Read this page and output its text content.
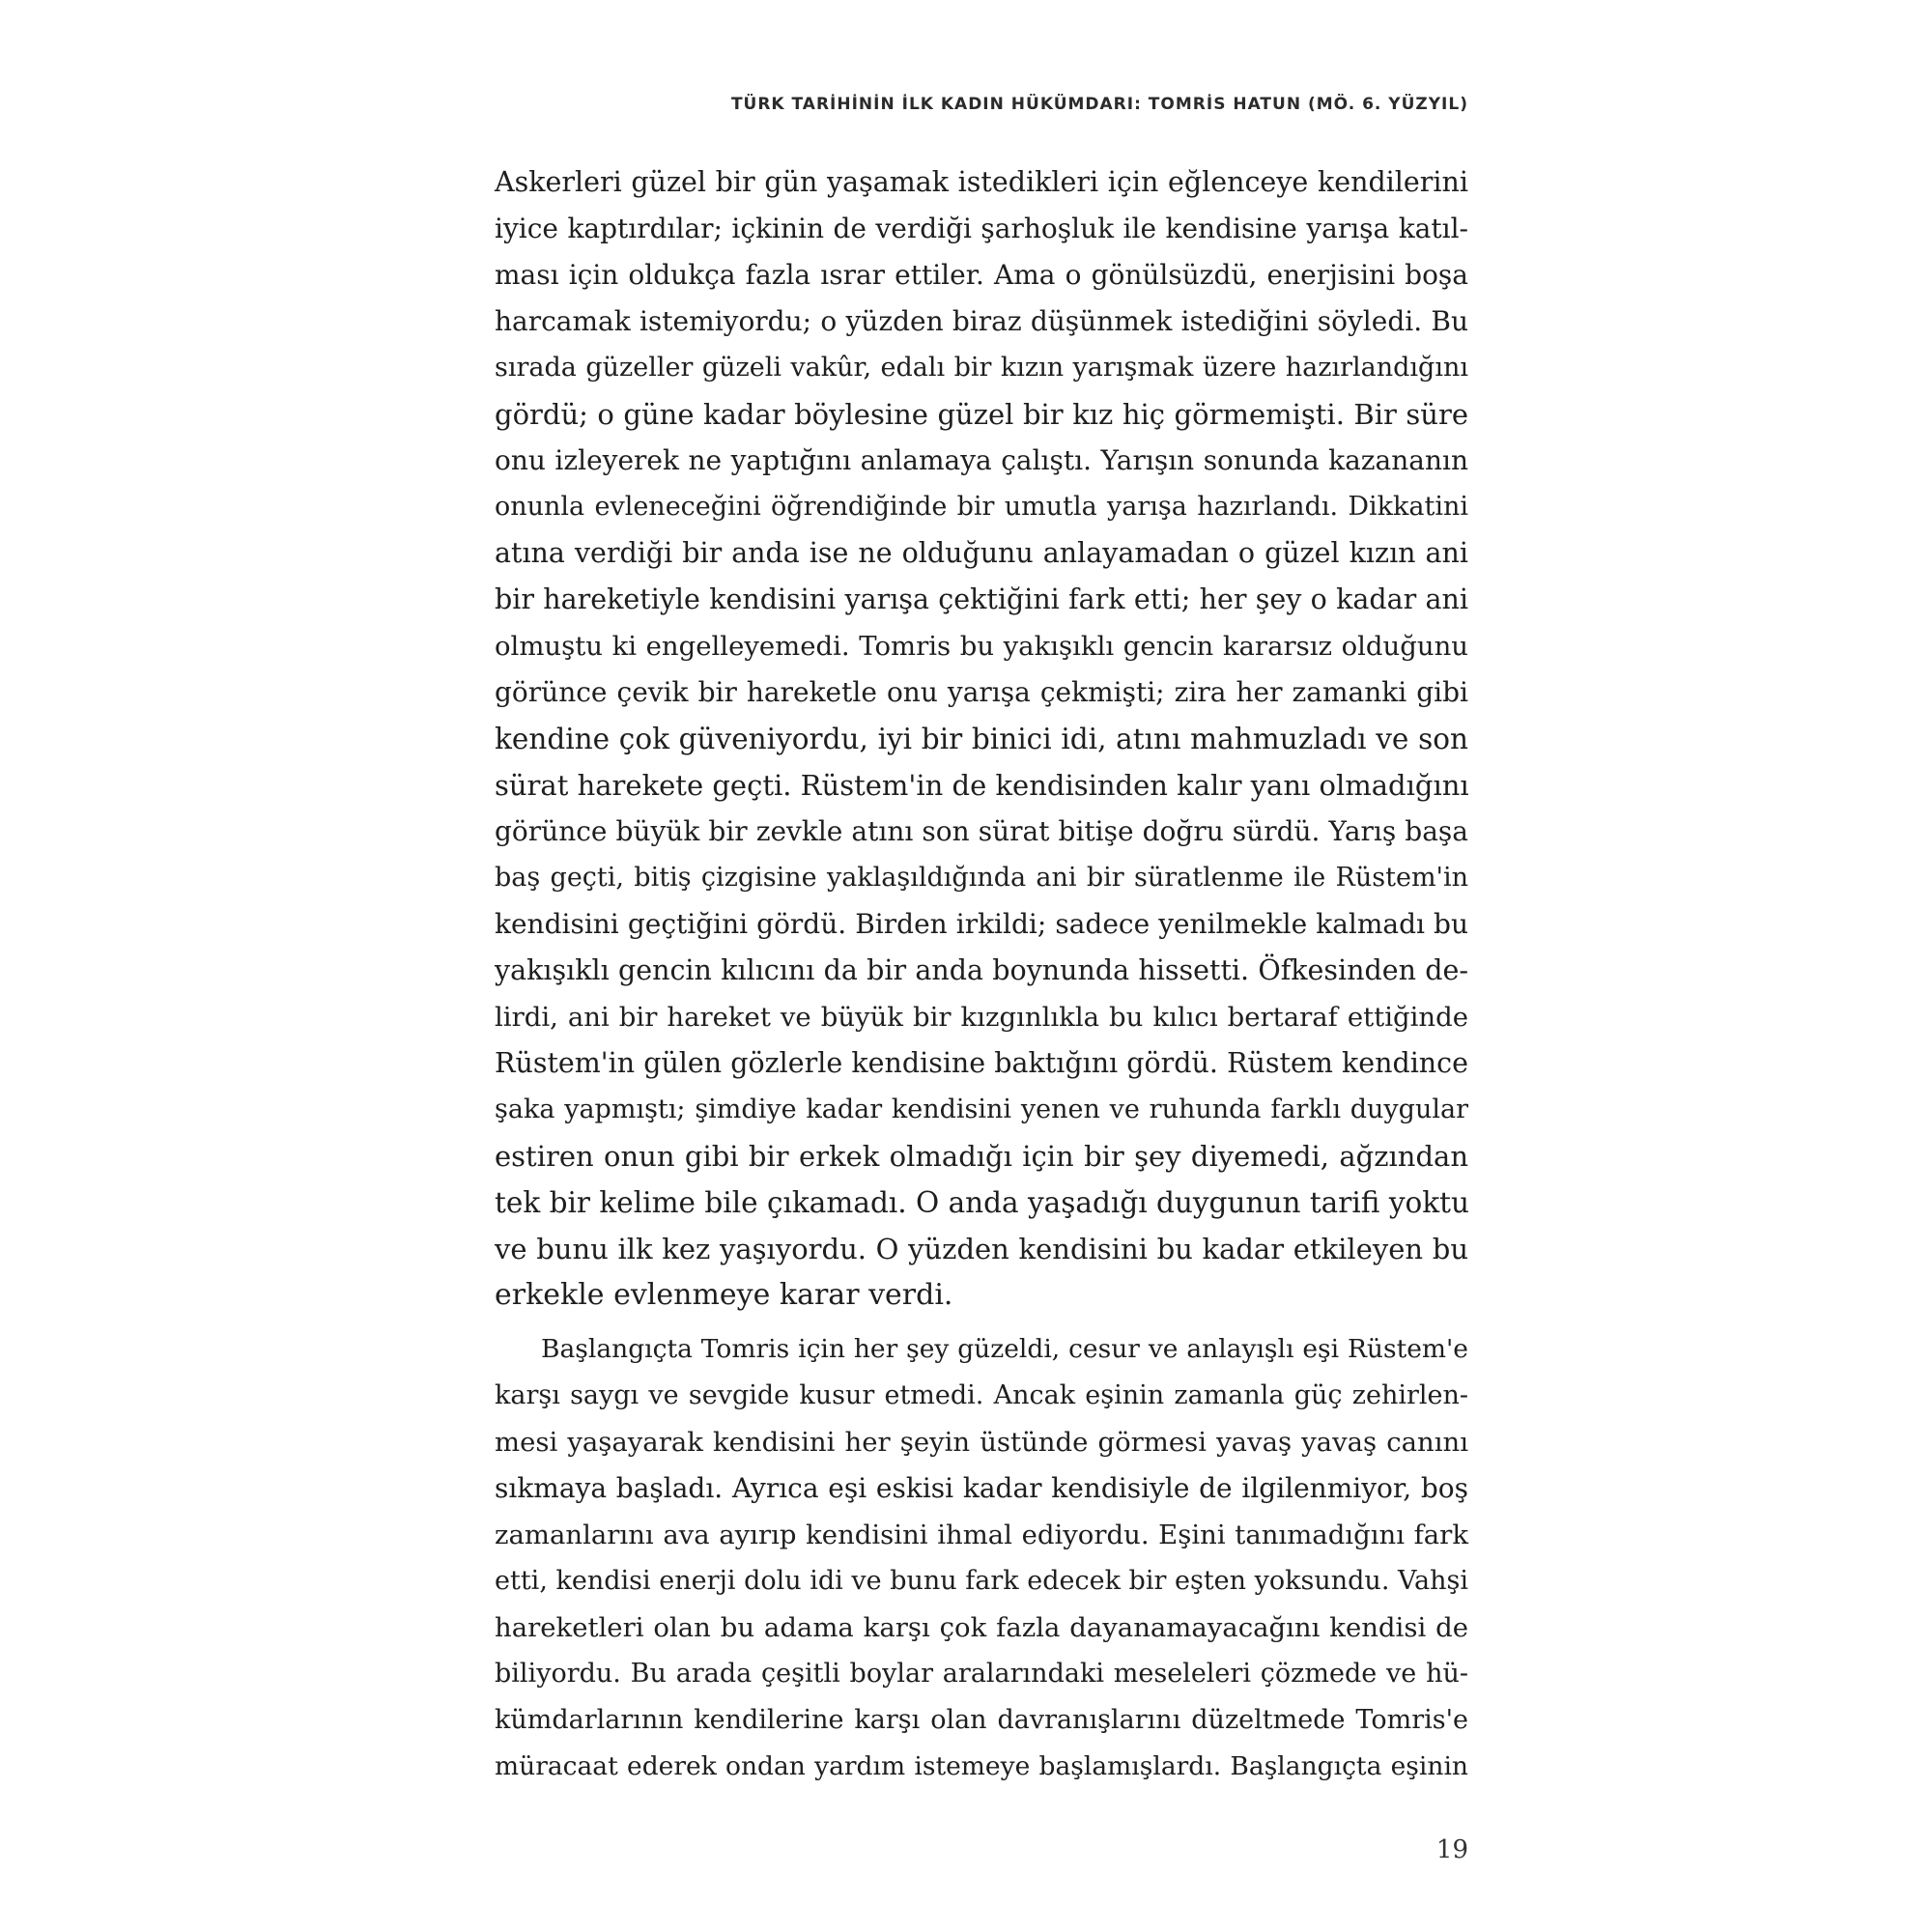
TÜRK TARİHİNİN İLK KADIN HÜKÜMDARI: TOMRİS HATUN (MÖ. 6. YÜZYIL)
Askerleri güzel bir gün yaşamak istedikleri için eğlenceye kendilerini
iyice kaptırdılar; içkinin de verdiği şarhoşluk ile kendisine yarışa katıl-
ması için oldukça fazla ısrar ettiler. Ama o gönülsüzdü, enerjisini boşa
harcamak istemiyordu; o yüzden biraz düşünmek istediğini söyledi. Bu
sırada güzeller güzeli vakûr, edalı bir kızın yarışmak üzere hazırlandığını
gördü; o güne kadar böylesine güzel bir kız hiç görmemişti. Bir süre
onu izleyerek ne yaptığını anlamaya çalıştı. Yarışın sonunda kazananın
onunla evleneceğini öğrendiğinde bir umutla yarışa hazırlandı. Dikkatini
atına verdiği bir anda ise ne olduğunu anlayamadan o güzel kızın ani
bir hareketiyle kendisini yarışa çektiğini fark etti; her şey o kadar ani
olmuştu ki engelleyemedi. Tomris bu yakışıklı gencin kararsız olduğunu
görünce çevik bir hareketle onu yarışa çekmişti; zira her zamanki gibi
kendine çok güveniyordu, iyi bir binici idi, atını mahmuzladı ve son
sürat harekete geçti. Rüstem'in de kendisinden kalır yanı olmadığını
görünce büyük bir zevkle atını son sürat bitişe doğru sürdü. Yarış başa
baş geçti, bitiş çizgisine yaklaşıldığında ani bir süratlenme ile Rüstem'in
kendisini geçtiğini gördü. Birden irkildi; sadece yenilmekle kalmadı bu
yakışıklı gencin kılıcını da bir anda boynunda hissetti. Öfkesinden de-
lirdi, ani bir hareket ve büyük bir kızgınlıkla bu kılıcı bertaraf ettiğinde
Rüstem'in gülen gözlerle kendisine baktığını gördü. Rüstem kendince
şaka yapmıştı; şimdiye kadar kendisini yenen ve ruhunda farklı duygular
estiren onun gibi bir erkek olmadığı için bir şey diyemedi, ağzından
tek bir kelime bile çıkamadı. O anda yaşadığı duygunun tarifi yoktu
ve bunu ilk kez yaşıyordu. O yüzden kendisini bu kadar etkileyen bu
erkekle evlenmeye karar verdi.
Başlangıçta Tomris için her şey güzeldi, cesur ve anlayışlı eşi Rüstem'e
karşı saygı ve sevgide kusur etmedi. Ancak eşinin zamanla güç zehirlen-
mesi yaşayarak kendisini her şeyin üstünde görmesi yavaş yavaş canını
sıkmaya başladı. Ayrıca eşi eskisi kadar kendisiyle de ilgilenmiyor, boş
zamanlarını ava ayırıp kendisini ihmal ediyordu. Eşini tanımadığını fark
etti, kendisi enerji dolu idi ve bunu fark edecek bir eşten yoksundu. Vahşi
hareketleri olan bu adama karşı çok fazla dayanamayacağını kendisi de
biliyordu. Bu arada çeşitli boylar aralarındaki meseleleri çözmede ve hü-
kümdarlarının kendilerine karşı olan davranışlarını düzeltmede Tomris'e
müracaat ederek ondan yardım istemeye başlamışlardı. Başlangıçta eşinin
19
